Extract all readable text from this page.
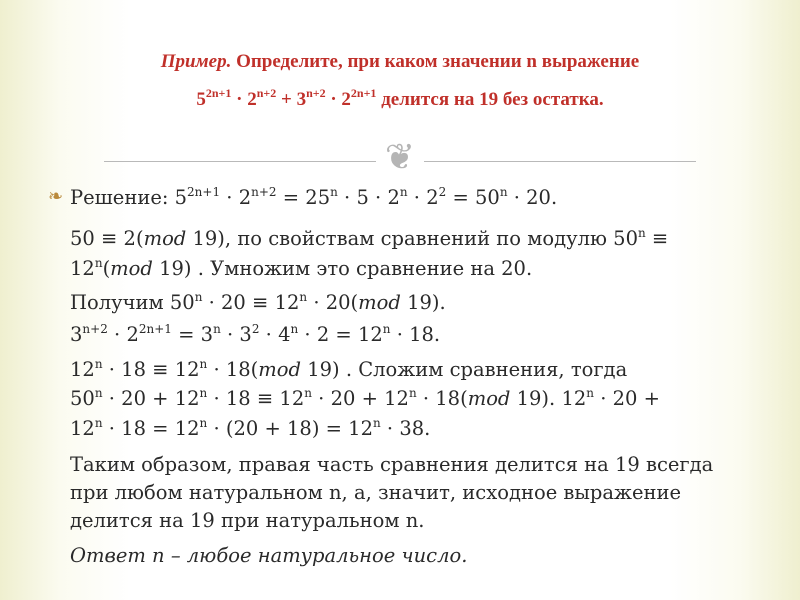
Пример. Определите, при каком значении n выражение
$5^{2n+1} \cdot 2^{n+2} + 3^{n+2} \cdot 2^{2n+1}$ делится на 19 без остатка.
❦
❧ Решение: $5^{2n+1} \cdot 2^{n+2} = 25^n \cdot 5 \cdot 2^n \cdot 2^2 = 50^n \cdot 20$.
50 ≡ 2(mod 19), по свойствам сравнений по модулю $50^n$ ≡
$12^n(mod$ 19) . Умножим это сравнение на 20.
Получим $50^n \cdot 20 \equiv 12^n \cdot 20(mod$ 19).
$3^{n+2} \cdot 2^{2n+1} = 3^n \cdot 3^2 \cdot 4^n \cdot 2 = 12^n \cdot 18$.
$12^n \cdot 18 \equiv 12^n \cdot 18(mod$ 19) . Сложим сравнения, тогда
$50^n \cdot 20 + 12^n \cdot 18 \equiv 12^n \cdot 20 + 12^n \cdot 18(mod$ 19). $12^n \cdot 20$ +
$12^n \cdot 18 = 12^n \cdot (20 + 18) = 12^n \cdot 38$.
Таким образом, правая часть сравнения делится на 19 всегда
при любом натуральном n, а, значит, исходное выражение
делится на 19 при натуральном n.
Ответ n – любое натуральное число.
